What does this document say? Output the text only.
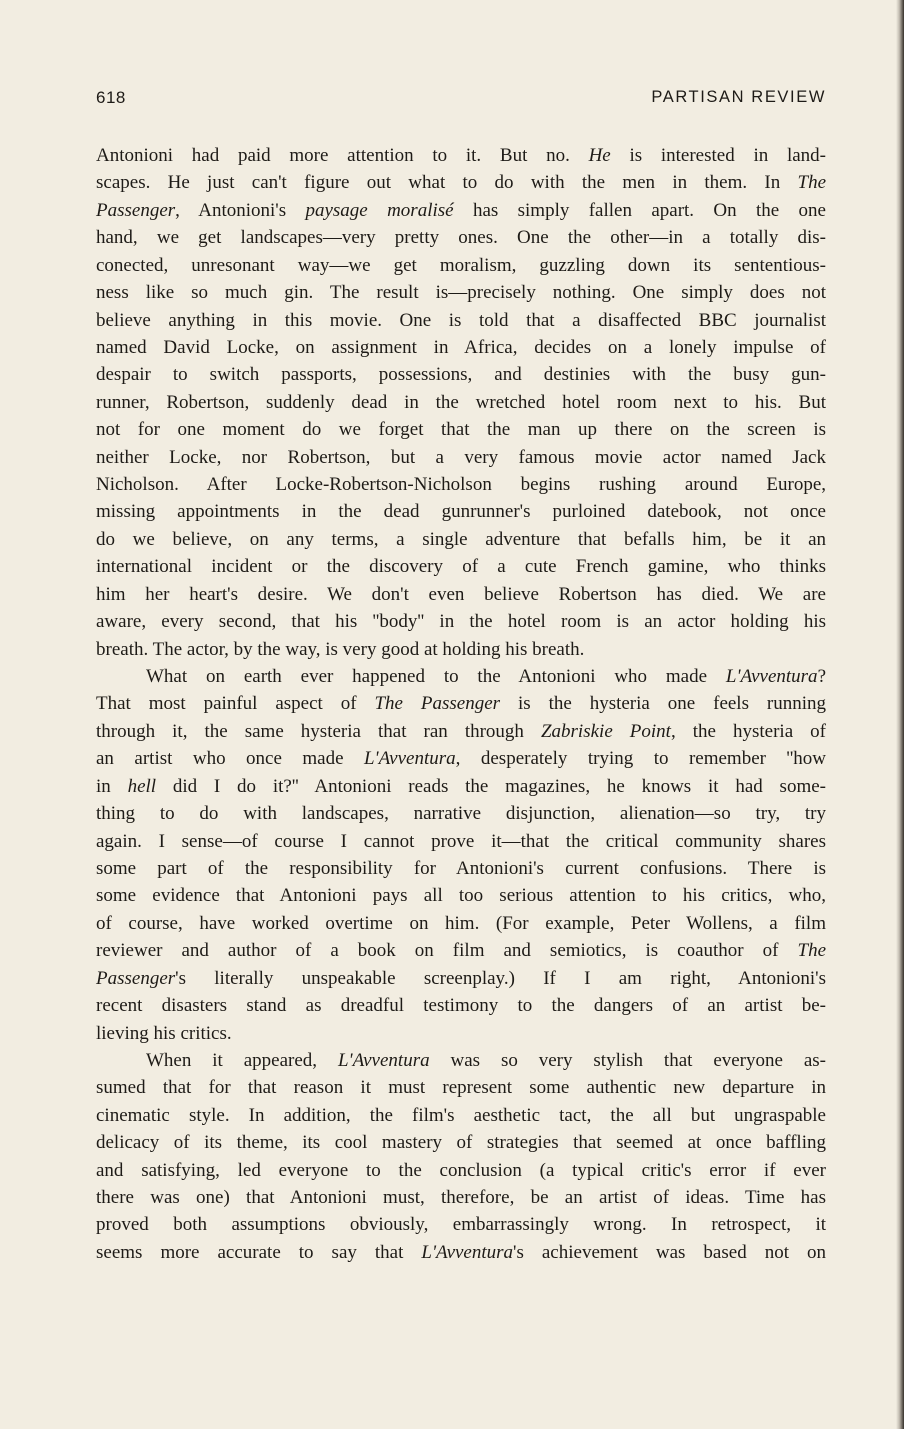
618	PARTISAN REVIEW
Antonioni had paid more attention to it. But no. He is interested in land-
scapes. He just can't figure out what to do with the men in them. In The
Passenger, Antonioni's paysage moralisé has simply fallen apart. On the one
hand, we get landscapes—very pretty ones. One the other—in a totally dis-
conected, unresonant way—we get moralism, guzzling down its sententious-
ness like so much gin. The result is—precisely nothing. One simply does not
believe anything in this movie. One is told that a disaffected BBC journalist
named David Locke, on assignment in Africa, decides on a lonely impulse of
despair to switch passports, possessions, and destinies with the busy gun-
runner, Robertson, suddenly dead in the wretched hotel room next to his. But
not for one moment do we forget that the man up there on the screen is
neither Locke, nor Robertson, but a very famous movie actor named Jack
Nicholson. After Locke-Robertson-Nicholson begins rushing around Europe,
missing appointments in the dead gunrunner's purloined datebook, not once
do we believe, on any terms, a single adventure that befalls him, be it an
international incident or the discovery of a cute French gamine, who thinks
him her heart's desire. We don't even believe Robertson has died. We are
aware, every second, that his ''body'' in the hotel room is an actor holding his
breath. The actor, by the way, is very good at holding his breath.
What on earth ever happened to the Antonioni who made L'Avventura?
That most painful aspect of The Passenger is the hysteria one feels running
through it, the same hysteria that ran through Zabriskie Point, the hysteria of
an artist who once made L'Avventura, desperately trying to remember ''how
in hell did I do it?'' Antonioni reads the magazines, he knows it had some-
thing to do with landscapes, narrative disjunction, alienation—so try, try
again. I sense—of course I cannot prove it—that the critical community shares
some part of the responsibility for Antonioni's current confusions. There is
some evidence that Antonioni pays all too serious attention to his critics, who,
of course, have worked overtime on him. (For example, Peter Wollens, a film
reviewer and author of a book on film and semiotics, is coauthor of The
Passenger's literally unspeakable screenplay.) If I am right, Antonioni's
recent disasters stand as dreadful testimony to the dangers of an artist be-
lieving his critics.
When it appeared, L'Avventura was so very stylish that everyone as-
sumed that for that reason it must represent some authentic new departure in
cinematic style. In addition, the film's aesthetic tact, the all but ungraspable
delicacy of its theme, its cool mastery of strategies that seemed at once baffling
and satisfying, led everyone to the conclusion (a typical critic's error if ever
there was one) that Antonioni must, therefore, be an artist of ideas. Time has
proved both assumptions obviously, embarrassingly wrong. In retrospect, it
seems more accurate to say that L'Avventura's achievement was based not on
